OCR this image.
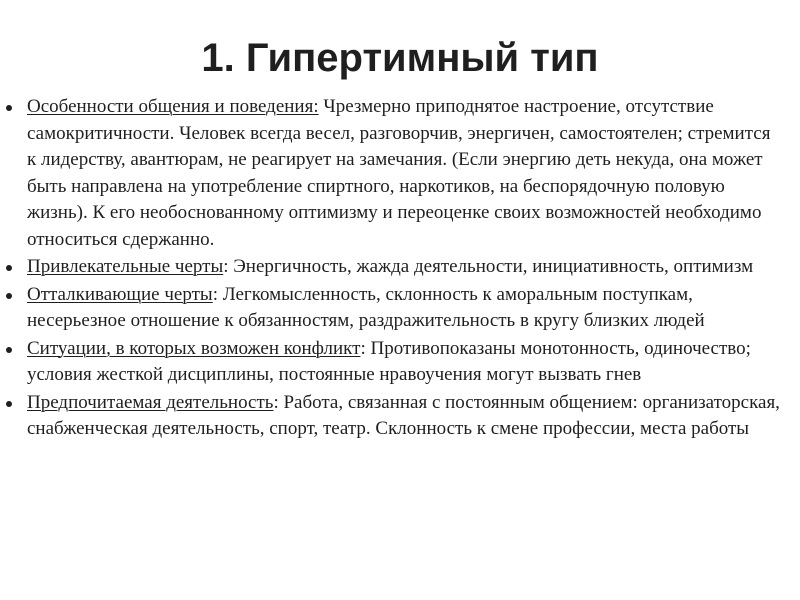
1. Гипертимный тип
Особенности общения и поведения: Чрезмерно приподнятое настроение, отсутствие самокритичности. Человек всегда весел, разговорчив, энергичен, самостоятелен; стремится к лидерству, авантюрам, не реагирует на замечания. (Если энергию деть некуда, она может быть направлена на употребление спиртного, наркотиков, на беспорядочную половую жизнь). К его необоснованному оптимизму и переоценке своих возможностей необходимо относиться сдержанно.
Привлекательные черты: Энергичность, жажда деятельности, инициативность, оптимизм
Отталкивающие черты: Легкомысленность, склонность к аморальным поступкам, несерьезное отношение к обязанностям, раздражительность в кругу близких людей
Ситуации, в которых возможен конфликт: Противопоказаны монотонность, одиночество; условия жесткой дисциплины, постоянные нравоучения могут вызвать гнев
Предпочитаемая деятельность: Работа, связанная с постоянным общением: организаторская, снабженческая деятельность, спорт, театр. Склонность к смене профессии, места работы
